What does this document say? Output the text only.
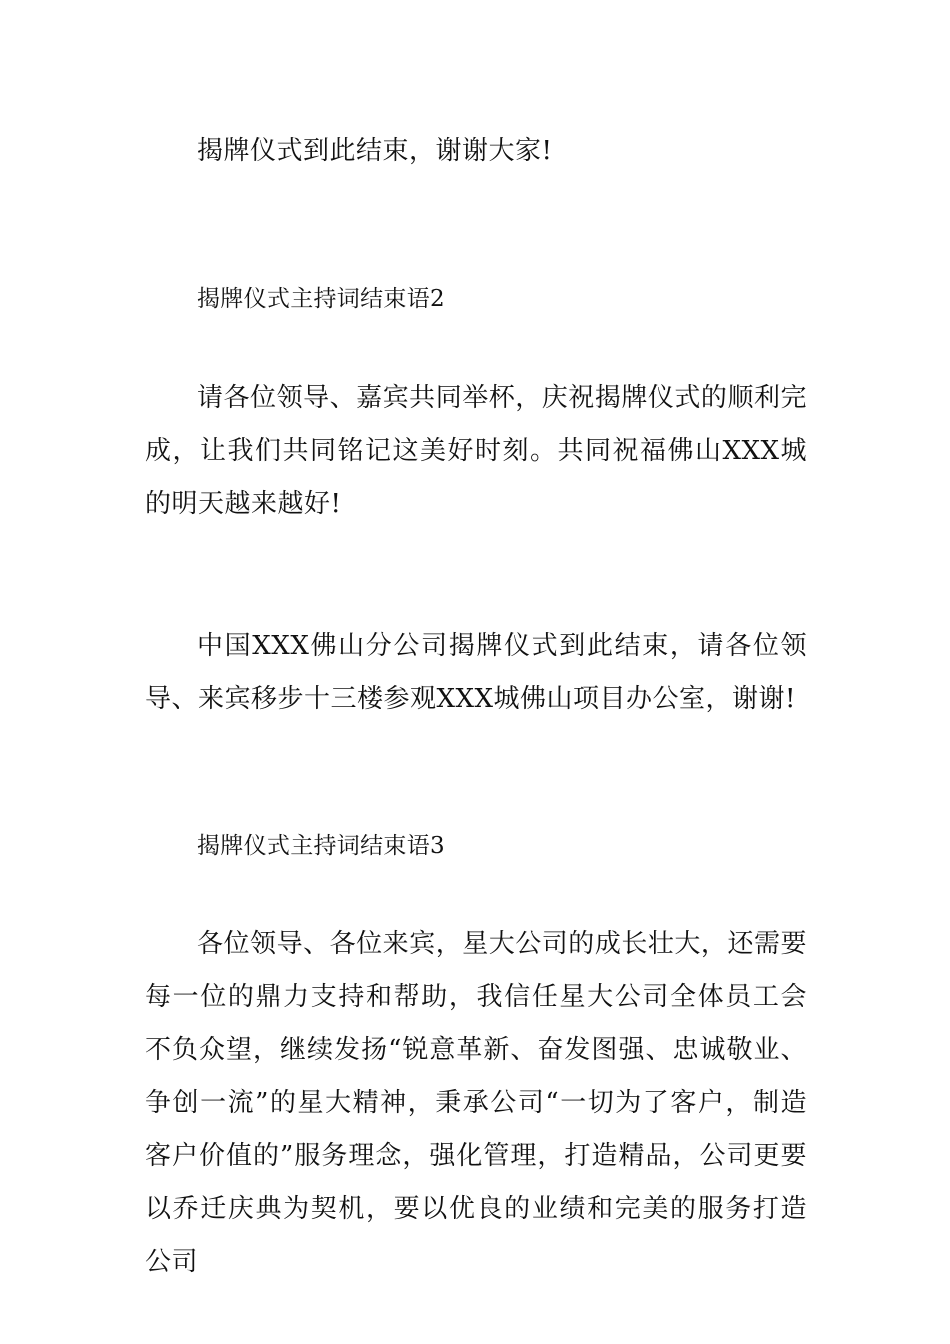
揭牌仪式到此结束，谢谢大家!

揭牌仪式主持词结束语2

请各位领导、嘉宾共同举杯，庆祝揭牌仪式的顺利完成，让我们共同铭记这美好时刻。共同祝福佛山XXX城的明天越来越好!

中国XXX佛山分公司揭牌仪式到此结束，请各位领导、来宾移步十三楼参观XXX城佛山项目办公室，谢谢!

揭牌仪式主持词结束语3

各位领导、各位来宾，星大公司的成长壮大，还需要每一位的鼎力支持和帮助，我信任星大公司全体员工会不负众望，继续发扬“锐意革新、奋发图强、忠诚敬业、争创一流”的星大精神，秉承公司“一切为了客户，制造客户价值的”服务理念，强化管理，打造精品，公司更要以乔迁庆典为契机，要以优良的业绩和完美的服务打造公司
